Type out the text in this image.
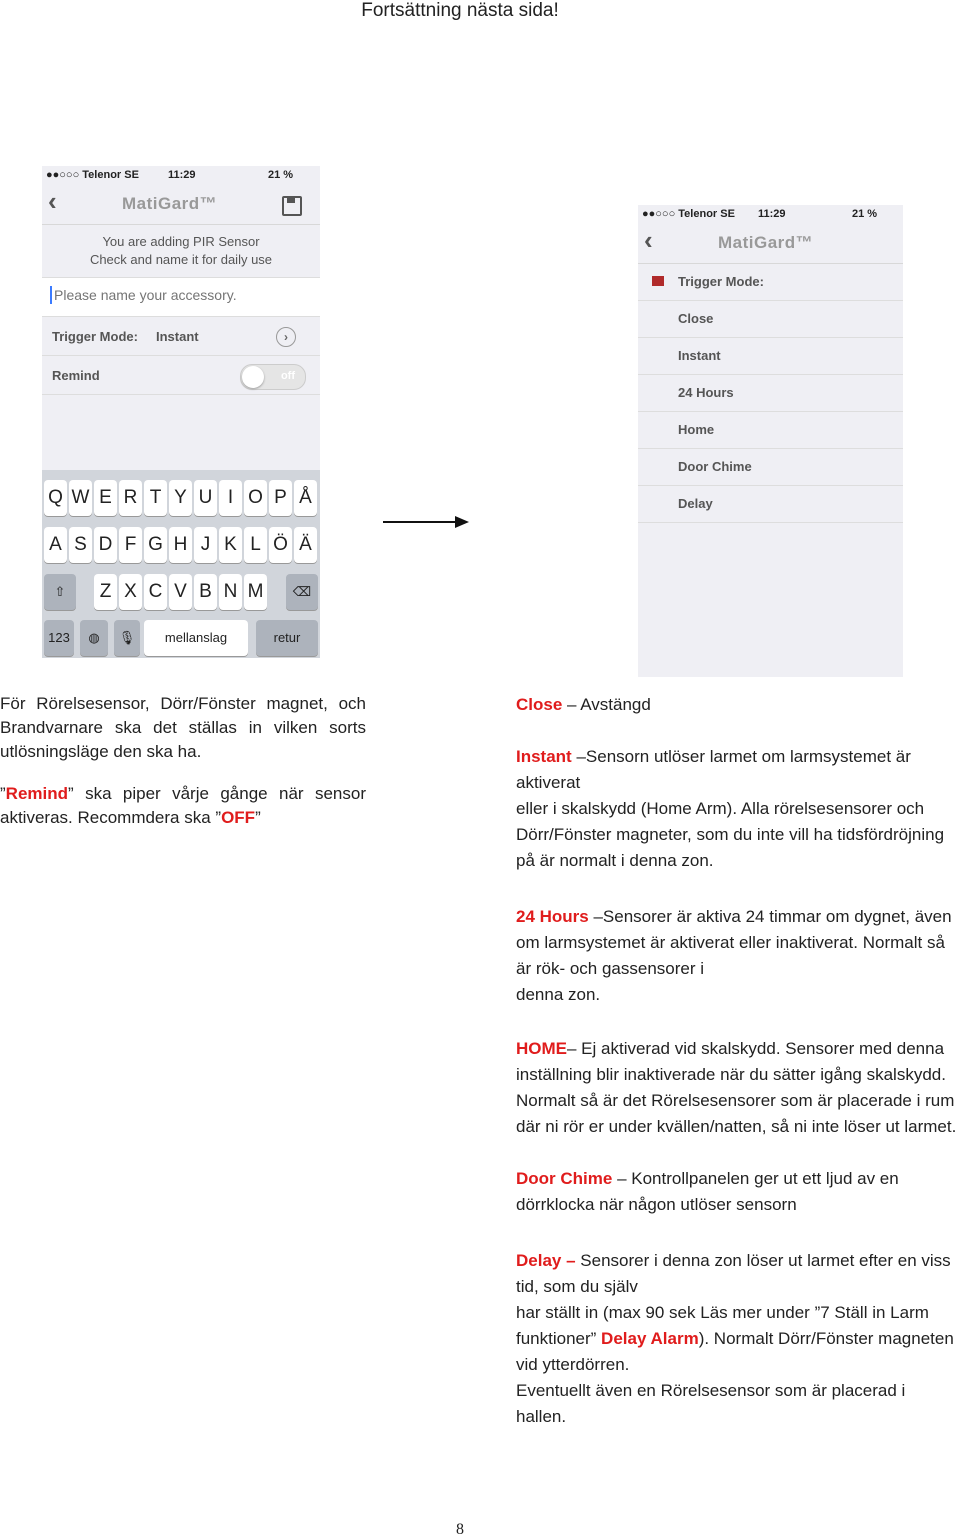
Fortsättning nästa sida!
●●○○○ Telenor SE	11:29	21 %
‹	MatiGard™
You are adding PIR Sensor
Check and name it for daily use
Please name your accessory.
Trigger Mode: Instant	›
Remind	off
Q W E R T Y U I O P Å
A S D F G H J K L Ö Ä
⇧	Z X C V B N M	⌫
123	◍	🎙	mellanslag	retur
●●○○○ Telenor SE 11:29	21 %
‹	MatiGard™
Trigger Mode:
Close
Instant
24 Hours
Home
Door Chime
Delay

För Rörelsesensor, Dörr/Fönster magnet, och Brandvarnare ska det ställas in vilken sorts utlösningsläge den ska ha.

”Remind” ska piper vårje gånge när sensor aktiveras. Recommdera ska ”OFF”

Close – Avstängd

Instant –Sensorn utlöser larmet om larmsystemet är aktiverat
eller i skalskydd (Home Arm). Alla rörelsesensorer och Dörr/Fönster magneter, som du inte vill ha tidsfördröjning på är normalt i denna zon.

24 Hours –Sensorer är aktiva 24 timmar om dygnet, även om larmsystemet är aktiverat eller inaktiverat. Normalt så är rök- och gassensorer i
denna zon.

HOME– Ej aktiverad vid skalskydd. Sensorer med denna inställning blir inaktiverade när du sätter igång skalskydd. Normalt så är det Rörelsesensorer som är placerade i rum
där ni rör er under kvällen/natten, så ni inte löser ut larmet.

Door Chime – Kontrollpanelen ger ut ett ljud av en dörrklocka när någon utlöser sensorn

Delay – Sensorer i denna zon löser ut larmet efter en viss tid, som du själv
har ställt in (max 90 sek Läs mer under ”7 Ställ in Larm funktioner” Delay Alarm). Normalt Dörr/Fönster magneten vid ytterdörren.
Eventuellt även en Rörelsesensor som är placerad i hallen.

8
